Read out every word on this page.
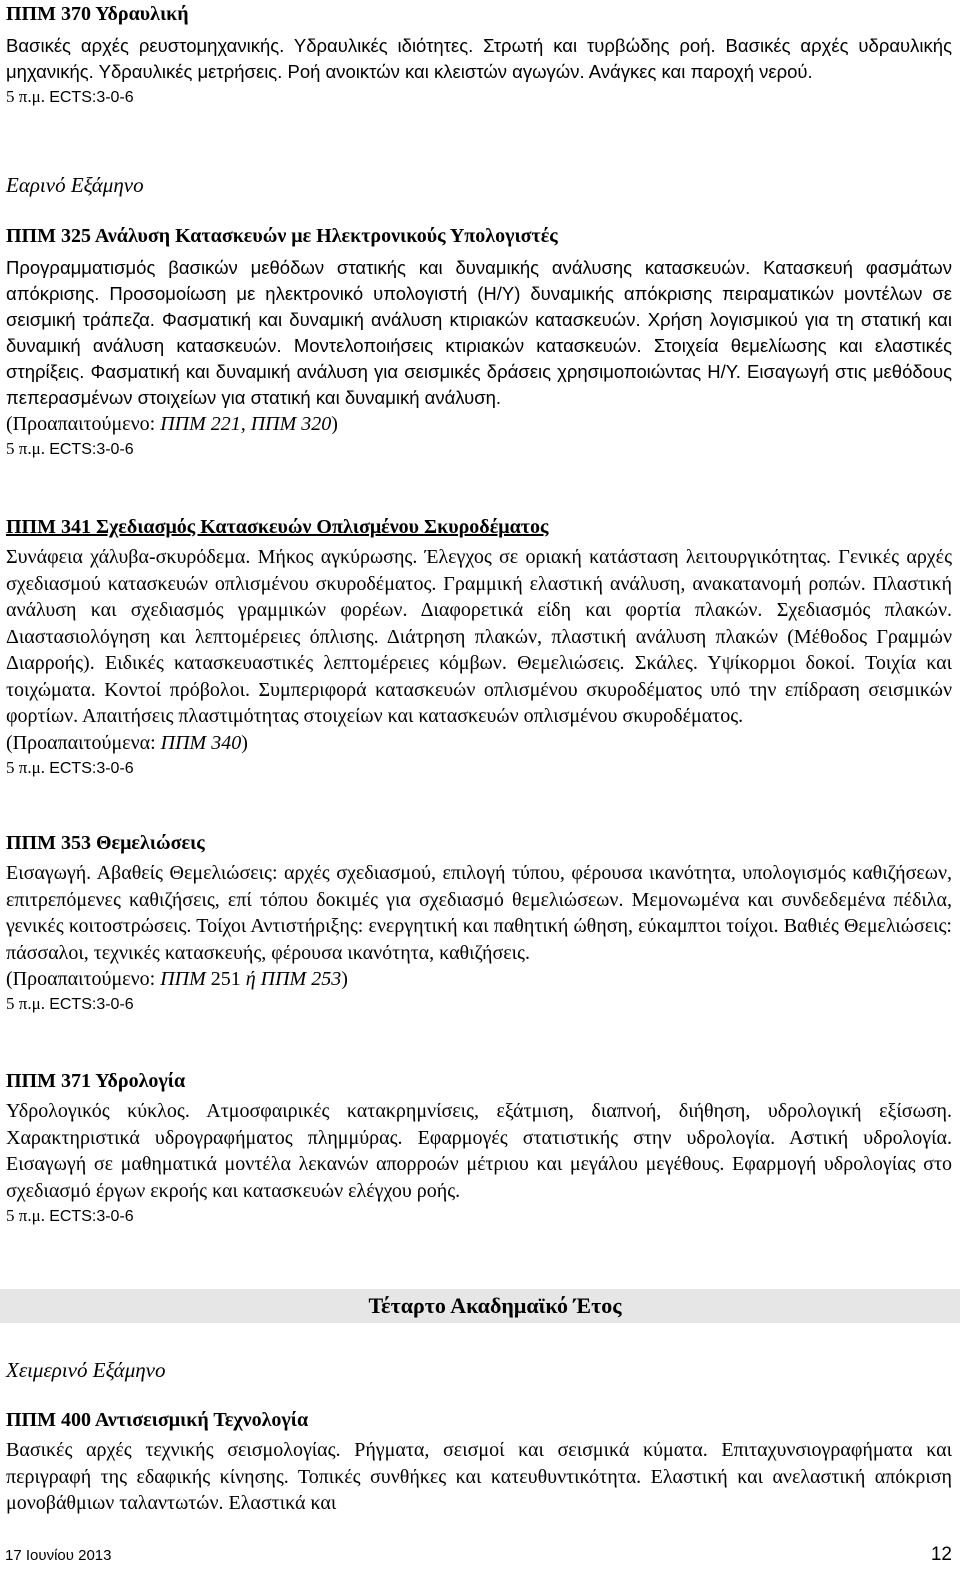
ΠΠΜ 370 Υδραυλική

Βασικές αρχές ρευστομηχανικής. Υδραυλικές ιδιότητες. Στρωτή και τυρβώδης ροή. Βασικές αρχές υδραυλικής μηχανικής. Υδραυλικές μετρήσεις. Ροή ανοικτών και κλειστών αγωγών. Ανάγκες και παροχή νερού.

5 π.μ. ECTS:3-0-6

Εαρινό Εξάμηνο

ΠΠΜ 325 Ανάλυση Κατασκευών με Ηλεκτρονικούς Υπολογιστές

Προγραμματισμός βασικών μεθόδων στατικής και δυναμικής ανάλυσης κατασκευών. Κατασκευή φασμάτων απόκρισης. Προσομοίωση με ηλεκτρονικό υπολογιστή (Η/Υ) δυναμικής απόκρισης πειραματικών μοντέλων σε σεισμική τράπεζα. Φασματική και δυναμική ανάλυση κτιριακών κατασκευών. Χρήση λογισμικού για τη στατική και δυναμική ανάλυση κατασκευών. Μοντελοποιήσεις κτιριακών κατασκευών. Στοιχεία θεμελίωσης και ελαστικές στηρίξεις. Φασματική και δυναμική ανάλυση για σεισμικές δράσεις χρησιμοποιώντας Η/Υ. Εισαγωγή στις μεθόδους πεπερασμένων στοιχείων για στατική και δυναμική ανάλυση.

(Προαπαιτούμενο: ΠΠΜ 221, ΠΠΜ 320)

5 π.μ. ECTS:3-0-6

ΠΠΜ 341 Σχεδιασμός Κατασκευών Οπλισμένου Σκυροδέματος

Συνάφεια χάλυβα-σκυρόδεμα. Μήκος αγκύρωσης. Έλεγχος σε οριακή κατάσταση λειτουργικότητας. Γενικές αρχές σχεδιασμού κατασκευών οπλισμένου σκυροδέματος. Γραμμική ελαστική ανάλυση, ανακατανομή ροπών. Πλαστική ανάλυση και σχεδιασμός γραμμικών φορέων. Διαφορετικά είδη και φορτία πλακών. Σχεδιασμός πλακών. Διαστασιολόγηση και λεπτομέρειες όπλισης. Διάτρηση πλακών, πλαστική ανάλυση πλακών (Μέθοδος Γραμμών Διαρροής). Ειδικές κατασκευαστικές λεπτομέρειες κόμβων. Θεμελιώσεις. Σκάλες. Υψίκορμοι δοκοί. Τοιχία και τοιχώματα. Κοντοί πρόβολοι. Συμπεριφορά κατασκευών οπλισμένου σκυροδέματος υπό την επίδραση σεισμικών φορτίων. Απαιτήσεις πλαστιμότητας στοιχείων και κατασκευών οπλισμένου σκυροδέματος.

(Προαπαιτούμενα: ΠΠΜ 340)

5 π.μ. ECTS:3-0-6

ΠΠΜ 353 Θεμελιώσεις

Εισαγωγή. Αβαθείς Θεμελιώσεις: αρχές σχεδιασμού, επιλογή τύπου, φέρουσα ικανότητα, υπολογισμός καθιζήσεων, επιτρεπόμενες καθιζήσεις, επί τόπου δοκιμές για σχεδιασμό θεμελιώσεων. Μεμονωμένα και συνδεδεμένα πέδιλα, γενικές κοιτοστρώσεις. Τοίχοι Αντιστήριξης: ενεργητική και παθητική ώθηση, εύκαμπτοι τοίχοι. Βαθιές Θεμελιώσεις: πάσσαλοι, τεχνικές κατασκευής, φέρουσα ικανότητα, καθιζήσεις.

(Προαπαιτούμενο: ΠΠΜ 251 ή ΠΠΜ 253)

5 π.μ. ECTS:3-0-6

ΠΠΜ 371 Υδρολογία

Υδρολογικός κύκλος. Ατμοσφαιρικές κατακρημνίσεις, εξάτμιση, διαπνοή, διήθηση, υδρολογική εξίσωση. Χαρακτηριστικά υδρογραφήματος πλημμύρας. Εφαρμογές στατιστικής στην υδρολογία. Αστική υδρολογία. Εισαγωγή σε μαθηματικά μοντέλα λεκανών απορροών μέτριου και μεγάλου μεγέθους. Εφαρμογή υδρολογίας στο σχεδιασμό έργων εκροής και κατασκευών ελέγχου ροής.

5 π.μ. ECTS:3-0-6

Τέταρτο Ακαδημαϊκό Έτος

Χειμερινό Εξάμηνο

ΠΠΜ 400 Αντισεισμική Τεχνολογία

Βασικές αρχές τεχνικής σεισμολογίας. Ρήγματα, σεισμοί και σεισμικά κύματα. Επιταχυνσιογραφήματα και περιγραφή της εδαφικής κίνησης. Τοπικές συνθήκες και κατευθυντικότητα. Ελαστική και ανελαστική απόκριση μονοβάθμιων ταλαντωτών. Ελαστικά και

17 Ιουνίου 2013	12
